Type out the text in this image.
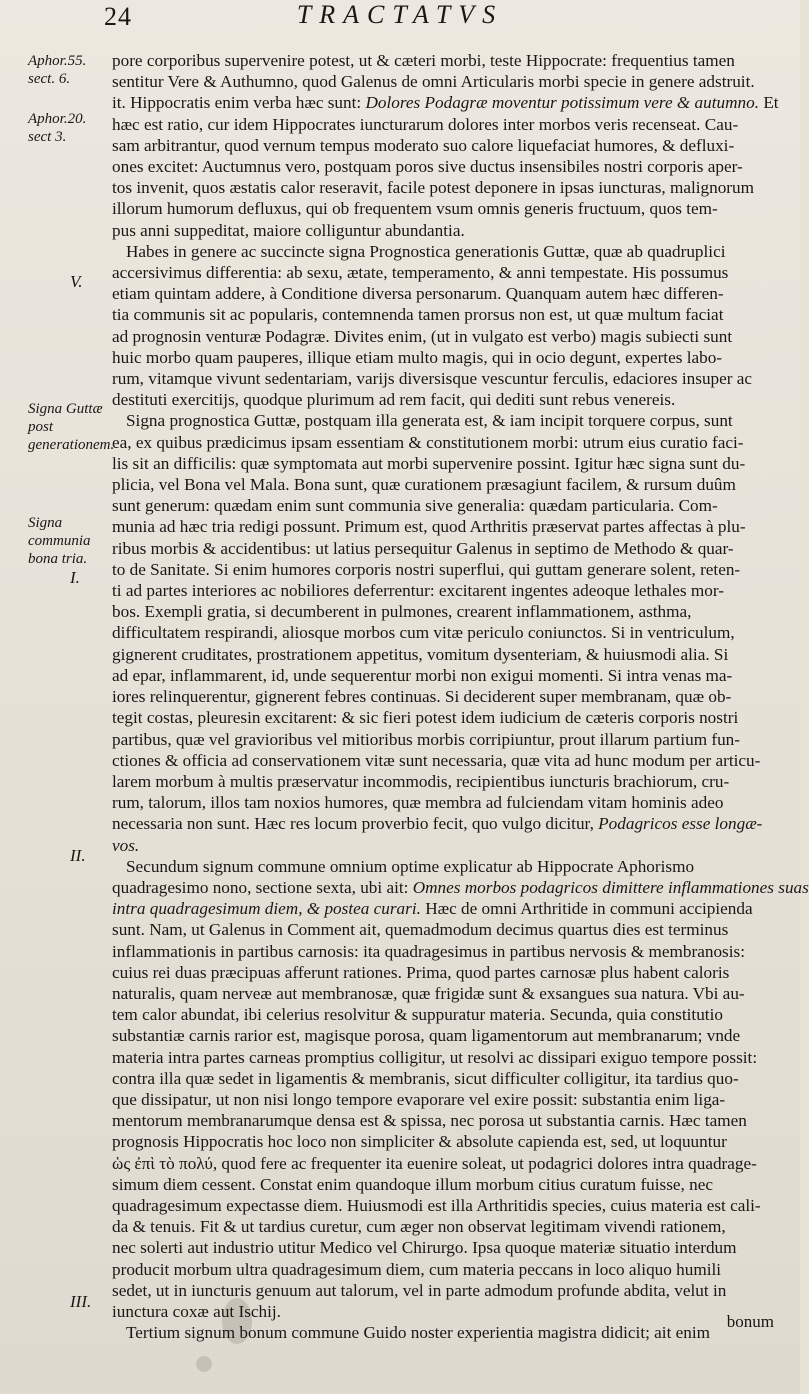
24	TRACTATVS
Aphor.55. sect. 6.
Aphor.20. sect 3.
V.
Signa Guttæ post generationem.
Signa communia bona tria.
I.
II.
III.
pore corporibus supervenire potest, ut & cæteri morbi, teste Hippocrate: frequentius tamen
sentitur Vere & Authumno, quod Galenus de omni Articularis morbi specie in genere adstruit.
it. Hippocratis enim verba hæc sunt: Dolores Podagræ moventur potissimum vere & autumno. Et
hæc est ratio, cur idem Hippocrates iuncturarum dolores inter morbos veris recenseat. Cau-
sam arbitrantur, quod vernum tempus moderato suo calore liquefaciat humores, & defluxi-
ones excitet: Auctumnus vero, postquam poros sive ductus insensibiles nostri corporis aper-
tos invenit, quos æstatis calor reseravit, facile potest deponere in ipsas iuncturas, malignorum
illorum humorum defluxus, qui ob frequentem vsum omnis generis fructuum, quos tem-
pus anni suppeditat, maiore colliguntur abundantia.
Habes in genere ac succincte signa Prognostica generationis Guttæ, quæ ab quadruplici
accersivimus differentia: ab sexu, ætate, temperamento, & anni tempestate. His possumus
etiam quintam addere, à Conditione diversa personarum. Quanquam autem hæc differen-
tia communis sit ac popularis, contemnenda tamen prorsus non est, ut quæ multum faciat
ad prognosin venturæ Podagræ. Divites enim, (ut in vulgato est verbo) magis subiecti sunt
huic morbo quam pauperes, illique etiam multo magis, qui in ocio degunt, expertes labo-
rum, vitamque vivunt sedentariam, varijs diversisque vescuntur ferculis, edaciores insuper ac
destituti exercitijs, quodque plurimum ad rem facit, qui dediti sunt rebus venereis.
Signa prognostica Guttæ, postquam illa generata est, & iam incipit torquere corpus, sunt
ea, ex quibus prædicimus ipsam essentiam & constitutionem morbi: utrum eius curatio faci-
lis sit an difficilis: quæ symptomata aut morbi supervenire possint. Igitur hæc signa sunt du-
plicia, vel Bona vel Mala. Bona sunt, quæ curationem præsagiunt facilem, & rursum duûm
sunt generum: quædam enim sunt communia sive generalia: quædam particularia. Com-
munia ad hæc tria redigi possunt. Primum est, quod Arthritis præservat partes affectas à plu-
ribus morbis & accidentibus: ut latius persequitur Galenus in septimo de Methodo & quar-
to de Sanitate. Si enim humores corporis nostri superflui, qui guttam generare solent, reten-
ti ad partes interiores ac nobiliores deferrentur: excitarent ingentes adeoque lethales mor-
bos. Exempli gratia, si decumberent in pulmones, crearent inflammationem, asthma,
difficultatem respirandi, aliosque morbos cum vitæ periculo coniunctos. Si in ventriculum,
gignerent cruditates, prostrationem appetitus, vomitum dysenteriam, & huiusmodi alia. Si
ad epar, inflammarent, id, unde sequerentur morbi non exigui momenti. Si intra venas ma-
iores relinquerentur, gignerent febres continuas. Si deciderent super membranam, quæ ob-
tegit costas, pleuresin excitarent: & sic fieri potest idem iudicium de cæteris corporis nostri
partibus, quæ vel gravioribus vel mitioribus morbis corripiuntur, prout illarum partium fun-
ctiones & officia ad conservationem vitæ sunt necessaria, quæ vita ad hunc modum per articu-
larem morbum à multis præservatur incommodis, recipientibus iuncturis brachiorum, cru-
rum, talorum, illos tam noxios humores, quæ membra ad fulciendam vitam hominis adeo
necessaria non sunt. Hæc res locum proverbio fecit, quo vulgo dicitur, Podagricos esse longæ-
vos.
Secundum signum commune omnium optime explicatur ab Hippocrate Aphorismo
quadragesimo nono, sectione sexta, ubi ait: Omnes morbos podagricos dimittere inflammationes suas
intra quadragesimum diem, & postea curari. Hæc de omni Arthritide in communi accipienda
sunt. Nam, ut Galenus in Comment ait, quemadmodum decimus quartus dies est terminus
inflammationis in partibus carnosis: ita quadragesimus in partibus nervosis & membranosis:
cuius rei duas præcipuas afferunt rationes. Prima, quod partes carnosæ plus habent caloris
naturalis, quam nerveæ aut membranosæ, quæ frigidæ sunt & exsangues sua natura. Vbi au-
tem calor abundat, ibi celerius resolvitur & suppuratur materia. Secunda, quia constitutio
substantiæ carnis rarior est, magisque porosa, quam ligamentorum aut membranarum; vnde
materia intra partes carneas promptius colligitur, ut resolvi ac dissipari exiguo tempore possit:
contra illa quæ sedet in ligamentis & membranis, sicut difficulter colligitur, ita tardius quo-
que dissipatur, ut non nisi longo tempore evaporare vel exire possit: substantia enim liga-
mentorum membranarumque densa est & spissa, nec porosa ut substantia carnis. Hæc tamen
prognosis Hippocratis hoc loco non simpliciter & absolute capienda est, sed, ut loquuntur
ὡς ἐπὶ τὸ πολύ, quod fere ac frequenter ita euenire soleat, ut podagrici dolores intra quadrage-
simum diem cessent. Constat enim quandoque illum morbum citius curatum fuisse, nec
quadragesimum expectasse diem. Huiusmodi est illa Arthritidis species, cuius materia est cali-
da & tenuis. Fit & ut tardius curetur, cum æger non observat legitimam vivendi rationem,
nec solerti aut industrio utitur Medico vel Chirurgo. Ipsa quoque materiæ situatio interdum
producit morbum ultra quadragesimum diem, cum materia peccans in loco aliquo humili
sedet, ut in iuncturis genuum aut talorum, vel in parte admodum profunde abdita, velut in
iunctura coxæ aut Ischij.
Tertium signum bonum commune Guido noster experientia magistra didicit; ait enim
bonum
